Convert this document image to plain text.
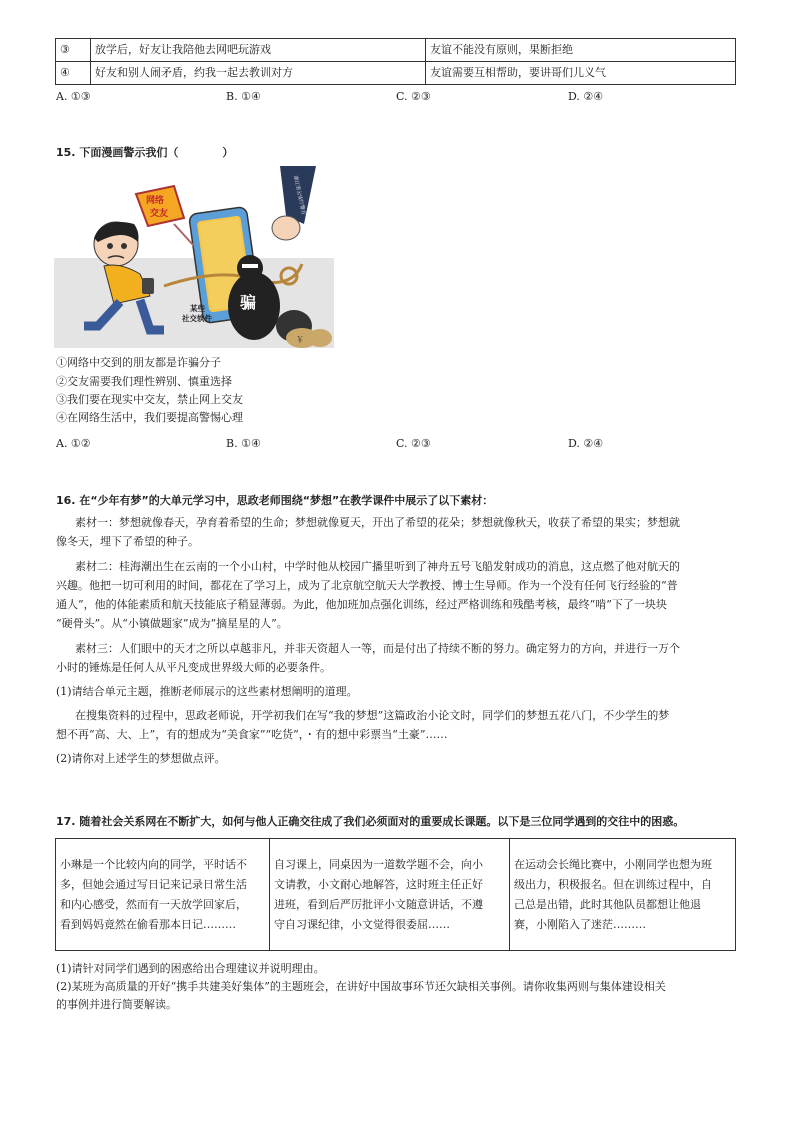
③	放学后，好友让我陪他去网吧玩游戏	友谊不能没有原则，果断拒绝
④	好友和别人闹矛盾，约我一起去教训对方	友谊需要互相帮助，要讲哥们儿义气
A. ①③	B. ①④	C. ②③	D. ②④
15. 下面漫画警示我们（　　　　）
某些
社交软件
网络
交友	浙江省公安厅警方
骗
￥
①网络中交到的朋友都是诈骗分子
②交友需要我们理性辨别、慎重选择
③我们要在现实中交友，禁止网上交友
④在网络生活中，我们要提高警惕心理
A. ①②	B. ①④	C. ②③	D. ②④
16. 在“少年有梦”的大单元学习中，思政老师围绕“梦想”在教学课件中展示了以下素材：
素材一：梦想就像春天，孕育着希望的生命；梦想就像夏天，开出了希望的花朵；梦想就像秋天，收获了希望的果实；梦想就
像冬天，埋下了希望的种子。
素材二：桂海潮出生在云南的一个小山村，中学时他从校园广播里听到了神舟五号飞船发射成功的消息，这点燃了他对航天的
兴趣。他把一切可利用的时间，都花在了学习上，成为了北京航空航天大学教授、博士生导师。作为一个没有任何飞行经验的“普
通人”，他的体能素质和航天技能底子稍显薄弱。为此，他加班加点强化训练，经过严格训练和残酷考核，最终“啃”下了一块块
“硬骨头”。从“小镇做题家”成为“摘星星的人”。
素材三：人们眼中的天才之所以卓越非凡，并非天资超人一等，而是付出了持续不断的努力。确定努力的方向，并进行一万个
小时的锤炼是任何人从平凡变成世界级大师的必要条件。
(1)请结合单元主题，推断老师展示的这些素材想阐明的道理。
在搜集资料的过程中，思政老师说，开学初我们在写“我的梦想”这篇政治小论文时，同学们的梦想五花八门，不少学生的梦
想不再“高、大、上”，有的想成为“美食家”“吃货”，・有的想中彩票当“土豪”……
(2)请你对上述学生的梦想做点评。
17. 随着社会关系网在不断扩大，如何与他人正确交往成了我们必须面对的重要成长课题。以下是三位同学遇到的交往中的困惑。
小琳是一个比较内向的同学，平时话不
多，但她会通过写日记来记录日常生活
和内心感受，然而有一天放学回家后，
看到妈妈竟然在偷看那本日记………

自习课上，同桌因为一道数学题不会，向小
文请教，小文耐心地解答，这时班主任正好
进班，看到后严厉批评小文随意讲话，不遵
守自习课纪律，小文觉得很委屈……

在运动会长绳比赛中，小刚同学也想为班
级出力，积极报名。但在训练过程中，自
己总是出错，此时其他队员都想让他退
赛，小刚陷入了迷茫………
(1)请针对同学们遇到的困惑给出合理建议并说明理由。
(2)某班为高质量的开好“携手共建美好集体”的主题班会，在讲好中国故事环节还欠缺相关事例。请你收集两则与集体建设相关
的事例并进行简要解读。
